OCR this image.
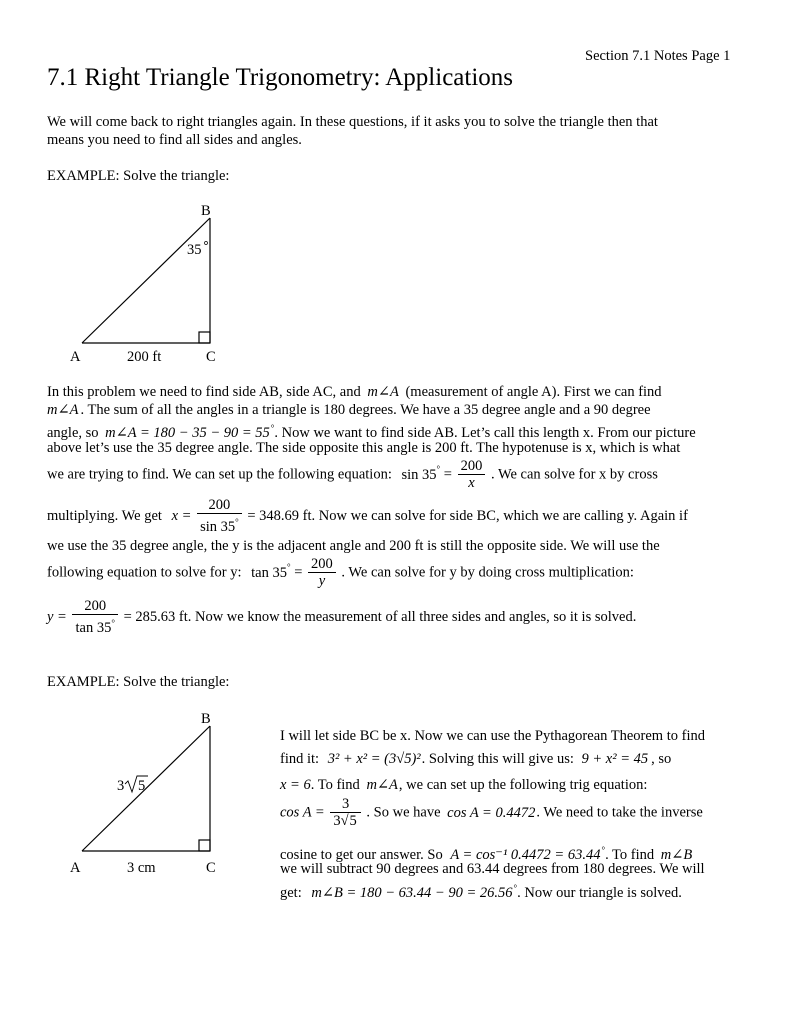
Section 7.1 Notes Page 1
7.1 Right Triangle Trigonometry: Applications
We will come back to right triangles again. In these questions, if it asks you to solve the triangle then that
means you need to find all sides and angles.
EXAMPLE: Solve the triangle:
B
35
A	200 ft	C
In this problem we need to find side AB, side AC, and m∠A (measurement of angle A). First we can find
m∠A . The sum of all the angles in a triangle is 180 degrees. We have a 35 degree angle and a 90 degree
angle, so m∠A = 180 − 35 − 90 = 55°. Now we want to find side AB. Let’s call this length x. From our picture
above let’s use the 35 degree angle. The side opposite this angle is 200 ft. The hypotenuse is x, which is what
we are trying to find. We can set up the following equation: $\sin 35^\circ = \frac{200}{x}$ . We can solve for x by cross
multiplying. We get $x = \frac{200}{\sin 35^\circ} = 348.69$ ft. Now we can solve for side BC, which we are calling y. Again if
we use the 35 degree angle, the y is the adjacent angle and 200 ft is still the opposite side. We will use the
following equation to solve for y: $\tan 35^\circ = \frac{200}{y}$ . We can solve for y by doing cross multiplication:
$y = \frac{200}{\tan 35^\circ} = 285.63$ ft. Now we know the measurement of all three sides and angles, so it is solved.
EXAMPLE: Solve the triangle:
B
3 5
A	3 cm	C
I will let side BC be x. Now we can use the Pythagorean Theorem to find
find it: 3² + x² = (3√5)². Solving this will give us: 9 + x² = 45 , so
x = 6. To find m∠A, we can set up the following trig equation:
$\cos A = \frac{3}{3√5}$ . So we have cos A = 0.4472. We need to take the inverse
cosine to get our answer. So A = cos⁻¹ 0.4472 = 63.44°. To find m∠B
we will subtract 90 degrees and 63.44 degrees from 180 degrees. We will
get: m∠B = 180 − 63.44 − 90 = 26.56°. Now our triangle is solved.
